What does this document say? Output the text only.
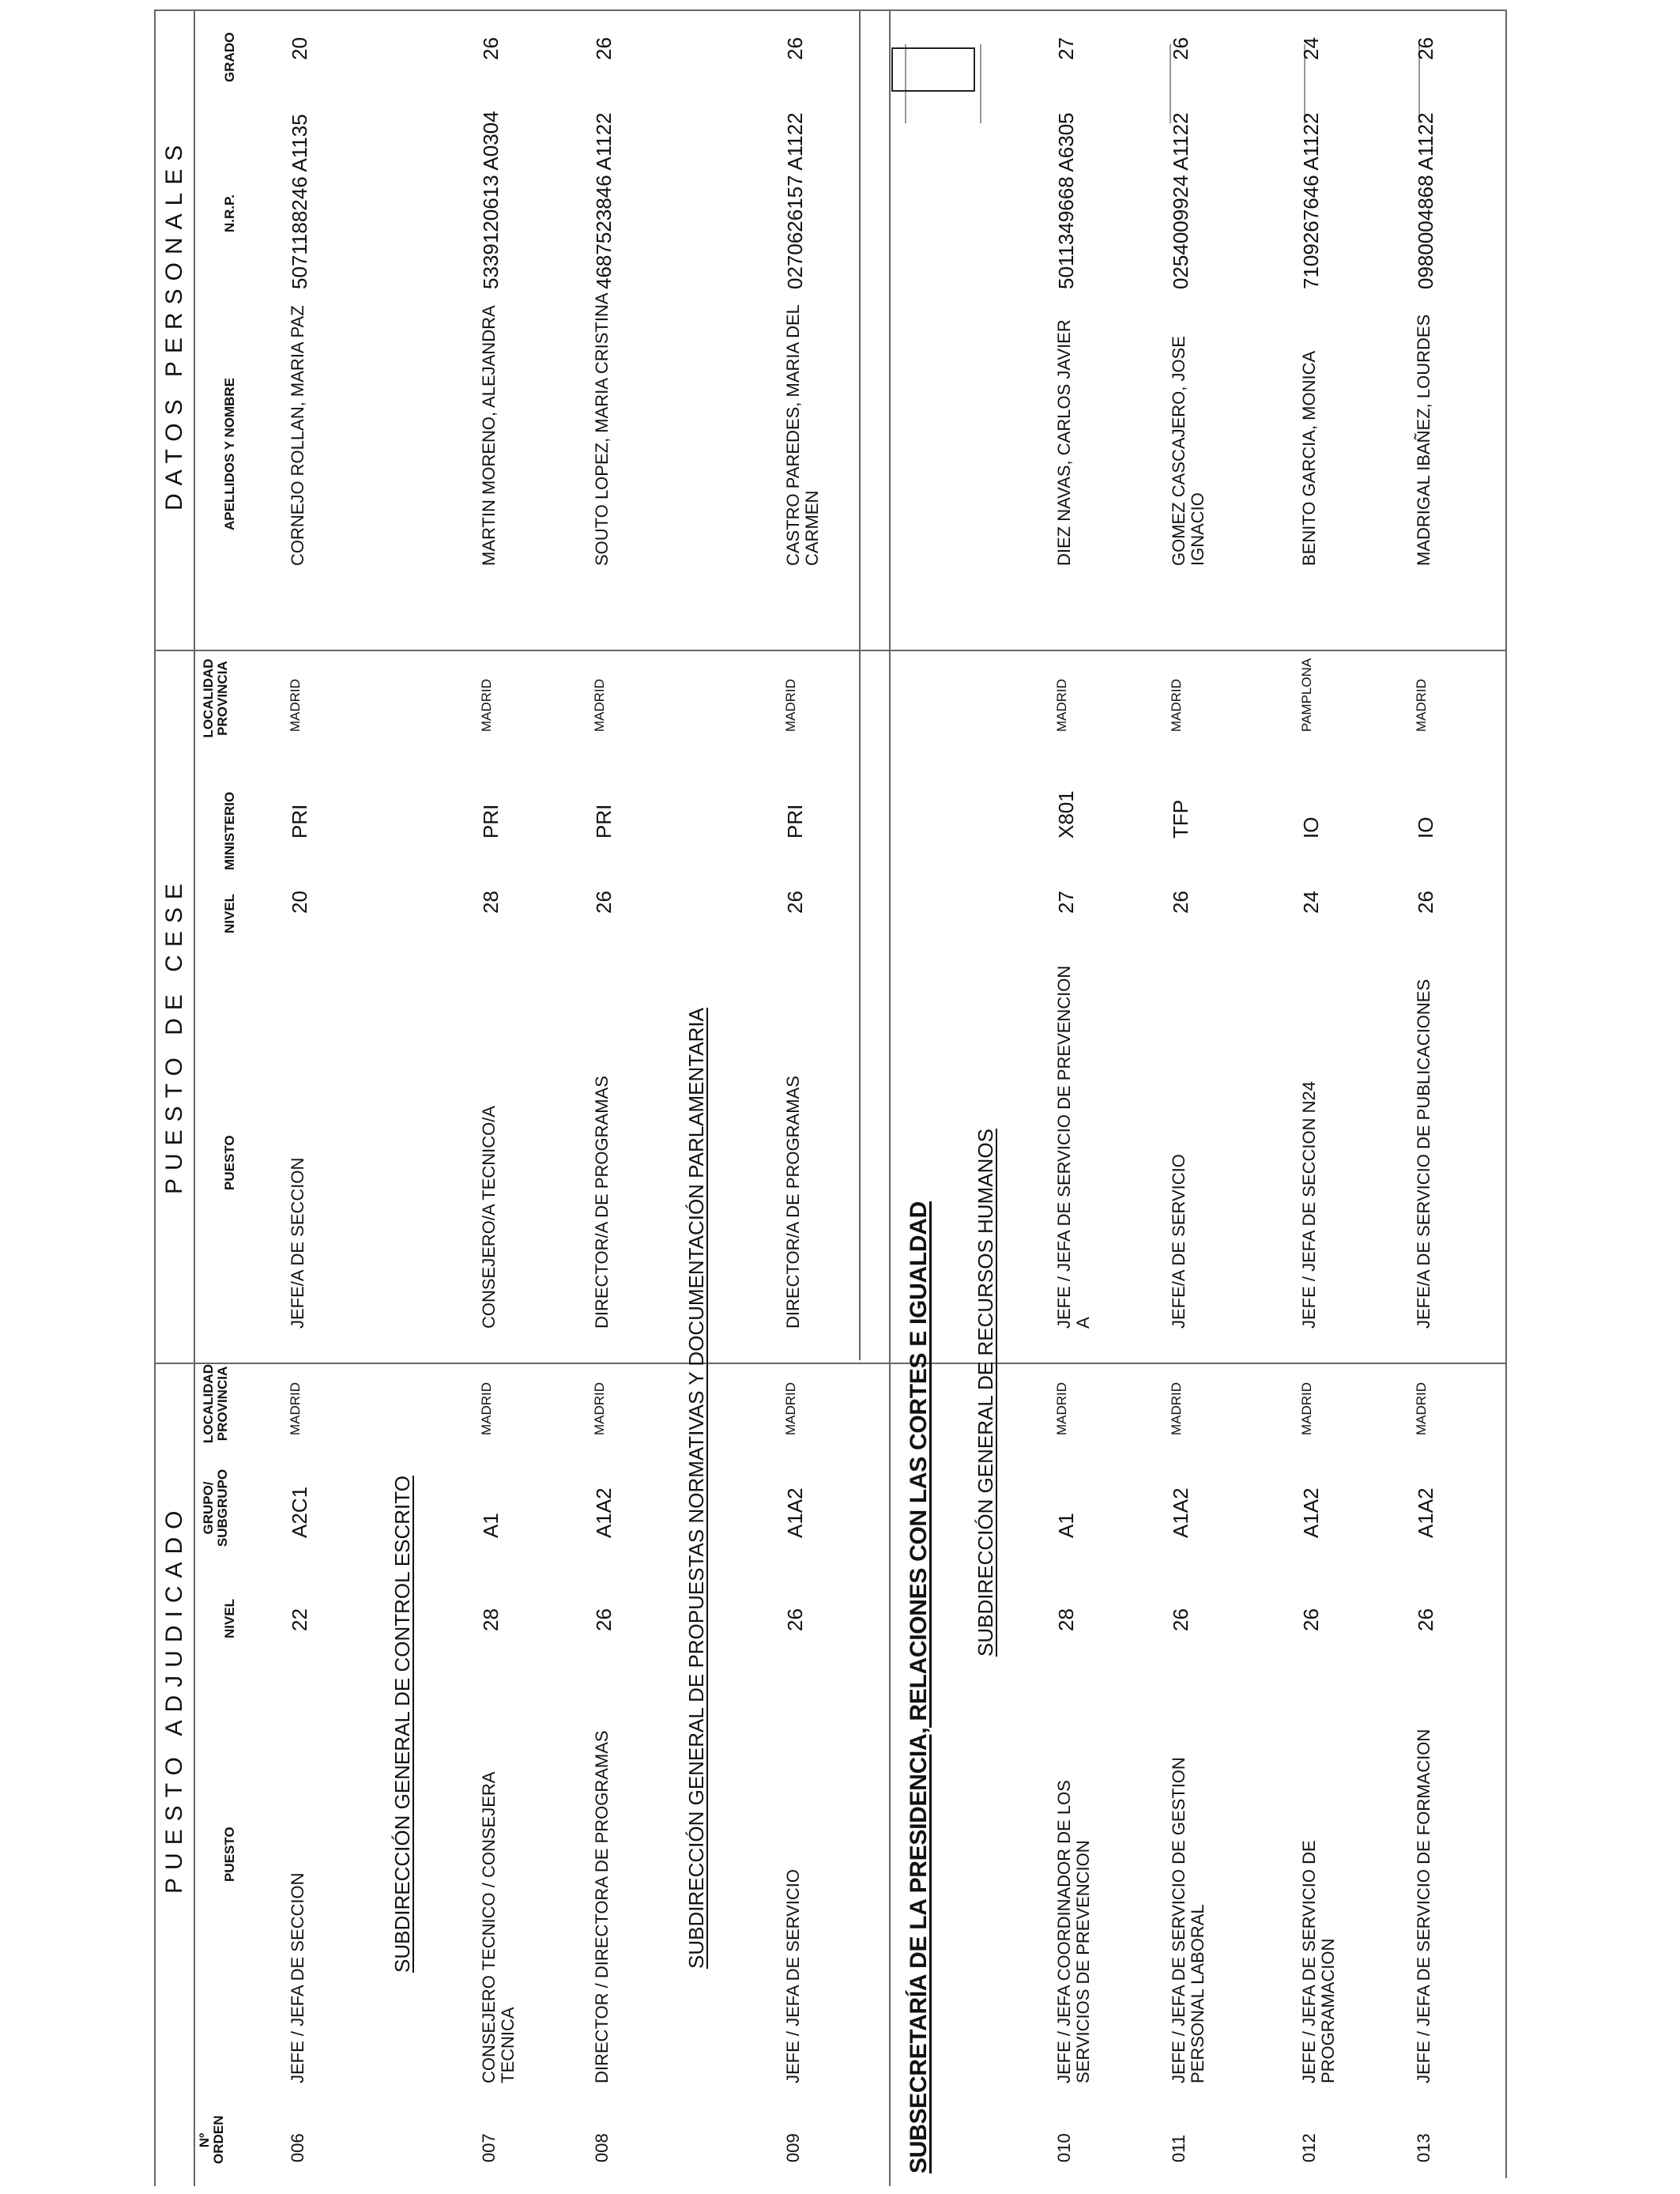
PUESTO ADJUDICADO
PUESTO DE CESE
DATOS PERSONALES
Nº ORDEN
PUESTO
NIVEL
GRUPO/ SUBGRUPO
LOCALIDAD PROVINCIA
PUESTO
NIVEL
MINISTERIO
LOCALIDAD PROVINCIA
APELLIDOS Y NOMBRE
N.R.P.
GRADO
SUBDIRECCIÓN GENERAL DE CONTROL ESCRITO	SUBDIRECCIÓN GENERAL DE PROPUESTAS NORMATIVAS Y DOCUMENTACIÓN PARLAMENTARIA	SUBSECRETARÍA DE LA PRESIDENCIA, RELACIONES CON LAS CORTES E IGUALDAD SUBDIRECCIÓN GENERAL DE RECURSOS HUMANOS
006
JEFE / JEFA DE SECCION
22
A2C1
MADRID
JEFE/A DE SECCION
20
PRI
MADRID
CORNEJO ROLLAN, MARIA PAZ
5071188246 A1135
20
007
CONSEJERO TECNICO / CONSEJERA
TECNICA
28
A1
MADRID
CONSEJERO/A TECNICO/A
28
PRI
MADRID
MARTIN MORENO, ALEJANDRA
5339120613 A0304
26
008
DIRECTOR / DIRECTORA DE PROGRAMAS
26
A1A2
MADRID
DIRECTOR/A DE PROGRAMAS
26
PRI
MADRID
SOUTO LOPEZ, MARIA CRISTINA
4687523846 A1122
26
009
JEFE / JEFA DE SERVICIO
26
A1A2
MADRID
DIRECTOR/A DE PROGRAMAS
26
PRI
MADRID
CASTRO PAREDES, MARIA DEL
CARMEN
0270626157 A1122
26
010
JEFE / JEFA COORDINADOR DE LOS
SERVICIOS DE PREVENCION
28
A1
MADRID
JEFE / JEFA DE SERVICIO DE PREVENCION
A
27
X801
MADRID
DIEZ NAVAS, CARLOS JAVIER
5011349668 A6305
27
011
JEFE / JEFA DE SERVICIO DE GESTION
PERSONAL LABORAL
26
A1A2
MADRID
JEFE/A DE SERVICIO
26
TFP
MADRID
GOMEZ CASCAJERO, JOSE
IGNACIO
0254009924 A1122
26
012
JEFE / JEFA DE SERVICIO DE
PROGRAMACION
26
A1A2
MADRID
JEFE / JEFA DE SECCION N24
24
IO
PAMPLONA
BENITO GARCIA, MONICA
7109267646 A1122
24
013
JEFE / JEFA DE SERVICIO DE FORMACION
26
A1A2
MADRID
JEFE/A DE SERVICIO DE PUBLICACIONES
26
IO
MADRID
MADRIGAL IBAÑEZ, LOURDES
0980004868 A1122
26
